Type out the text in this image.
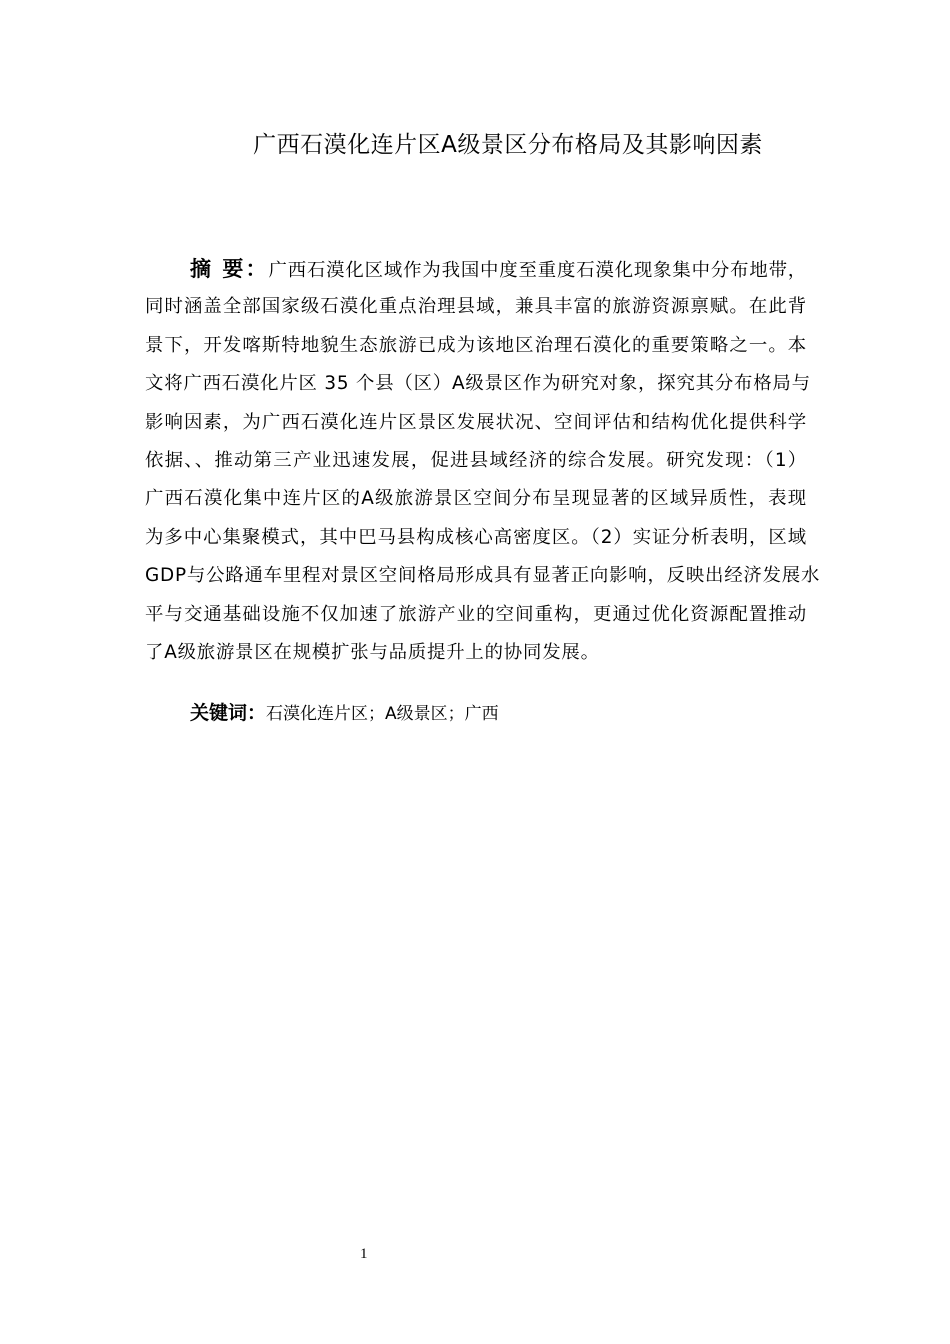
广西石漠化连片区A级景区分布格局及其影响因素
摘 要：广西石漠化区域作为我国中度至重度石漠化现象集中分布地带，
同时涵盖全部国家级石漠化重点治理县域，兼具丰富的旅游资源禀赋。在此背
景下，开发喀斯特地貌生态旅游已成为该地区治理石漠化的重要策略之一。本
文将广西石漠化片区 35 个县（区）A级景区作为研究对象，探究其分布格局与
影响因素，为广西石漠化连片区景区发展状况、空间评估和结构优化提供科学
依据、、推动第三产业迅速发展，促进县域经济的综合发展。研究发现：（1）
广西石漠化集中连片区的A级旅游景区空间分布呈现显著的区域异质性，表现
为多中心集聚模式，其中巴马县构成核心高密度区。（2）实证分析表明，区域
GDP与公路通车里程对景区空间格局形成具有显著正向影响，反映出经济发展水
平与交通基础设施不仅加速了旅游产业的空间重构，更通过优化资源配置推动
了A级旅游景区在规模扩张与品质提升上的协同发展。
关键词：石漠化连片区；A级景区；广西
1
